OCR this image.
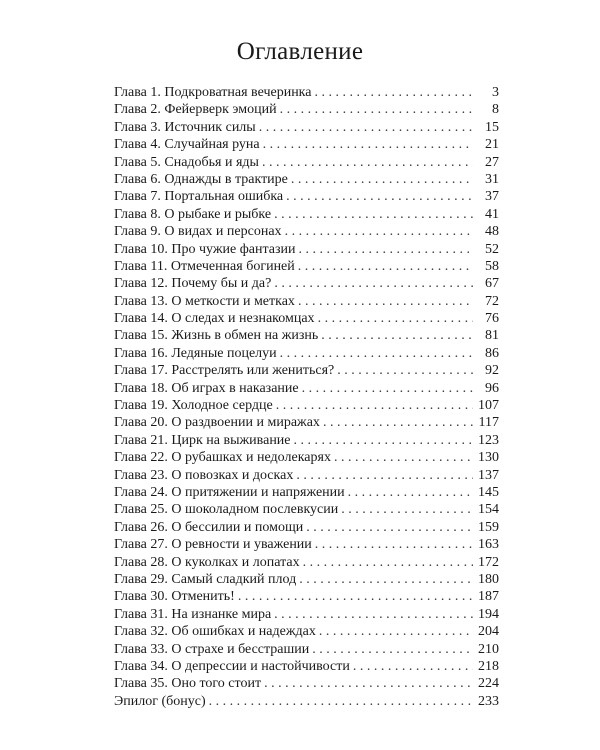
Оглавление
Глава 1. Подкроватная вечеринка . . .	3
Глава 2. Фейерверк эмоций . . .	8
Глава 3. Источник силы . . .	15
Глава 4. Случайная руна . . .	21
Глава 5. Снадобья и яды . . .	27
Глава 6. Однажды в трактире . . .	31
Глава 7. Портальная ошибка . . .	37
Глава 8. О рыбаке и рыбке . . .	41
Глава 9. О видах и персонах . . .	48
Глава 10. Про чужие фантазии . . .	52
Глава 11. Отмеченная богиней . . .	58
Глава 12. Почему бы и да? . . .	67
Глава 13. О меткости и метках . . .	72
Глава 14. О следах и незнакомцах . . .	76
Глава 15. Жизнь в обмен на жизнь . . .	81
Глава 16. Ледяные поцелуи . . .	86
Глава 17. Расстрелять или жениться? . . .	92
Глава 18. Об играх в наказание . . .	96
Глава 19. Холодное сердце . . .	107
Глава 20. О раздвоении и миражах . . .	117
Глава 21. Цирк на выживание . . .	123
Глава 22. О рубашках и недолекарях . . .	130
Глава 23. О повозках и досках . . .	137
Глава 24. О притяжении и напряжении . . .	145
Глава 25. О шоколадном послевкусии . . .	154
Глава 26. О бессилии и помощи . . .	159
Глава 27. О ревности и уважении . . .	163
Глава 28. О куколках и лопатах . . .	172
Глава 29. Самый сладкий плод . . .	180
Глава 30. Отменить! . . .	187
Глава 31. На изнанке мира . . .	194
Глава 32. Об ошибках и надеждах . . .	204
Глава 33. О страхе и бесстрашии . . .	210
Глава 34. О депрессии и настойчивости . . .	218
Глава 35. Оно того стоит . . .	224
Эпилог (бонус) . . .	233
